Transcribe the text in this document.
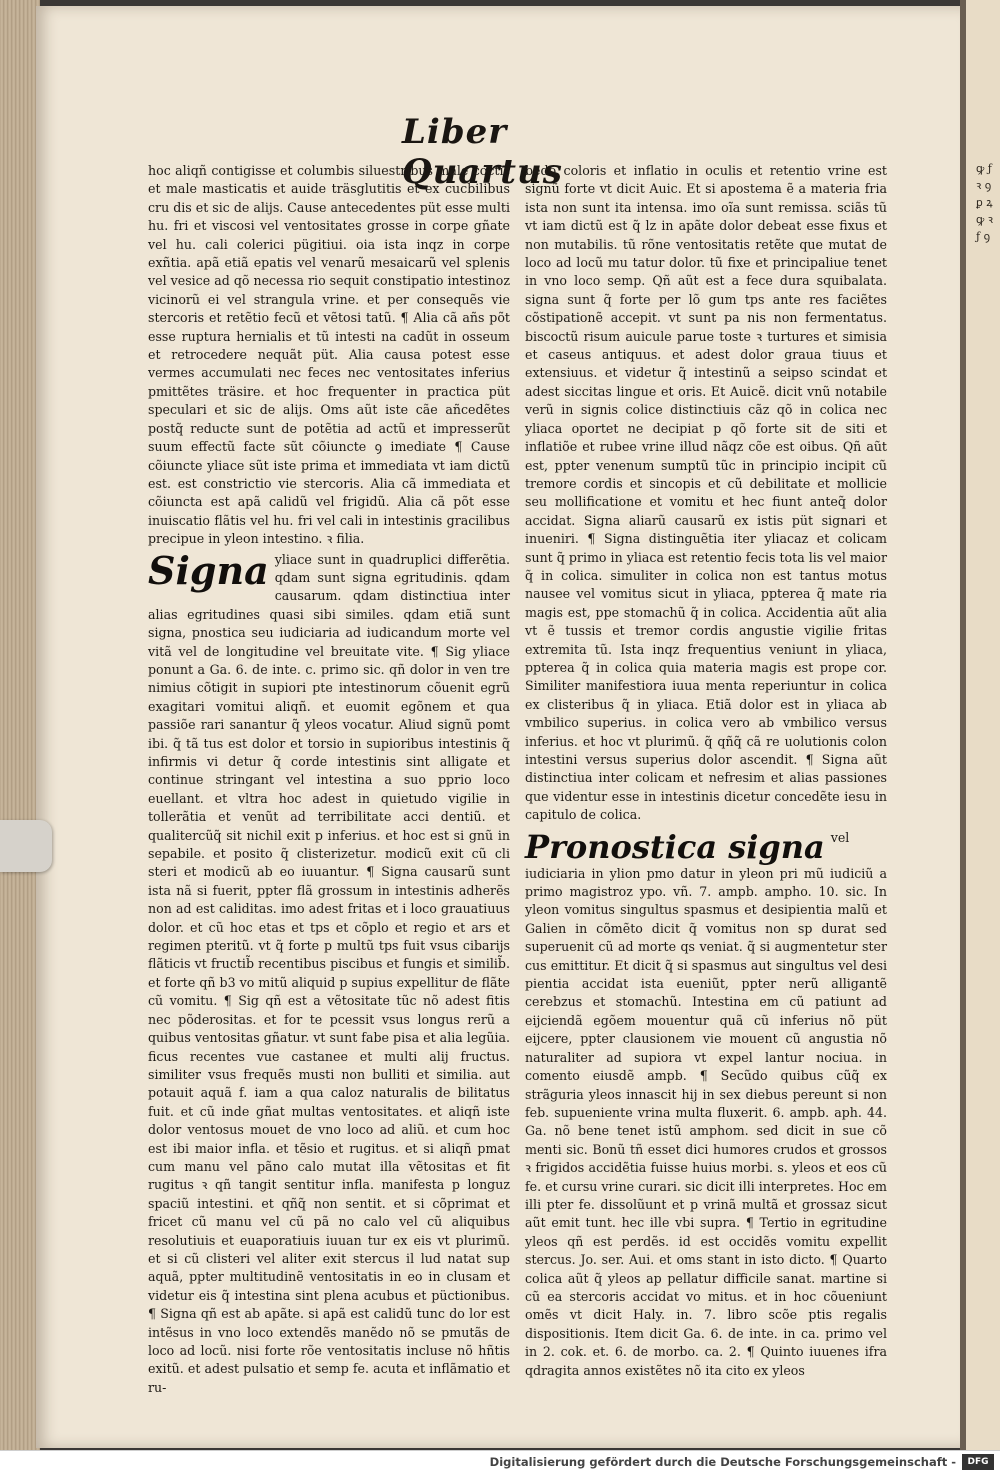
Liber Quartus

hoc aliqñ contigisse et columbis siluestribus male coctis et male masticatis et auide träsglutitis et ex cucbilibus cru dis et sic de alijs. Cause antecedentes püt esse multi hu. fri et viscosi vel ventositates grosse in corpe gñate vel hu. cali colerici pügitiui. oia ista inqz in corpe exñtia. apã etiã epatis vel venarũ mesaicarũ vel splenis vel vesice ad qõ necessa rio sequit constipatio intestinoz vicinorũ ei vel strangula vrine. et per consequẽs vie stercoris et retẽtio fecũ et vẽtosi tatũ. ¶ Alia cã añs põt esse ruptura hernialis et tũ intesti na cadũt in osseum et retrocedere nequãt püt. Alia causa potest esse vermes accumulati nec feces nec ventositates inferius pmittẽtes träsire. et hoc frequenter in practica püt speculari et sic de alijs. Oms aũt iste cãe añcedẽtes postq̃ reducte sunt de potẽtia ad actũ et impresserũt suum effectũ facte sũt cõiuncte ꝯ imediate ¶ Cause cõiuncte yliace sũt iste prima et immediata vt iam dictũ est. est constrictio vie stercoris. Alia cã immediata et cõiuncta est apã calidũ vel frigidũ. Alia cã põt esse inuiscatio flãtis vel hu. fri vel cali in intestinis gracilibus precipue in yleon intestino. ꝛ filia.

Signa yliace sunt in quadruplici differẽtia. qdam sunt signa egritudinis. qdam causarum. qdam distinctiua inter alias egritudines quasi sibi similes. qdam etiã sunt signa, pnostica seu iudiciaria ad iudicandum morte vel vitã vel de longitudine vel breuitate vite. ¶ Sig yliace ponunt a Ga. 6. de inte. c. primo sic. qñ dolor in ven tre nimius cõtigit in supiori pte intestinorum cõuenit egrũ exagitari vomitui aliqñ. et euomit egõnem et qua passiõe rari sanantur q̃ yleos vocatur. Aliud signũ pomt ibi. q̃ tã tus est dolor et torsio in supioribus intestinis q̃ infirmis vi detur q̃ corde intestinis sint alligate et continue stringant vel intestina a suo pprio loco euellant. et vltra hoc adest in quietudo vigilie in tollerãtia et venũt ad terribilitate acci dentiũ. et qualitercũq̃ sit nichil exit p inferius. et hoc est si gnũ in sepabile. et posito q̃ clisterizetur. modicũ exit cũ cli steri et modicũ ab eo iuuantur. ¶ Signa causarũ sunt ista nã si fuerit, ppter flã grossum in intestinis adherẽs non ad est caliditas. imo adest fritas et i loco grauatiuus dolor. et cũ hoc etas et tps et cõplo et regio et ars et regimen pteritũ. vt q̃ forte p multũ tps fuit vsus cibarijs flãticis vt fructib̃ recentibus piscibus et fungis et similib̃. et forte qñ b3 vo mitũ aliquid p supius expellitur de flãte cũ vomitu. ¶ Sig qñ est a vẽtositate tũc nõ adest fitis nec põderositas. et for te pcessit vsus longus rerũ a quibus ventositas gñatur. vt sunt fabe pisa et alia legũia. ficus recentes vue castanee et multi alij fructus. similiter vsus frequẽs musti non bulliti et similia. aut potauit aquã f. iam a qua caloz naturalis de bilitatus fuit. et cũ inde gñat multas ventositates. et aliqñ iste dolor ventosus mouet de vno loco ad aliũ. et cum hoc est ibi maior infla. et tẽsio et rugitus. et si aliqñ pmat cum manu vel pãno calo mutat illa vẽtositas et fit rugitus ꝛ qñ tangit sentitur infla. manifesta p longuz spaciũ intestini. et qñq̃ non sentit. et si cõprimat et fricet cũ manu vel cũ pã no calo vel cũ aliquibus resolutiuis et euaporatiuis iuuan tur ex eis vt plurimũ. et si cũ clisteri vel aliter exit stercus il lud natat sup aquã, ppter multitudinẽ ventositatis in eo in clusam et videtur eis q̃ intestina sint plena acubus et püctionibus. ¶ Signa qñ est ab apãte. si apã est calidũ tunc do lor est intẽsus in vno loco extendẽs manẽdo nõ se pmutãs de loco ad locũ. nisi forte rõe ventositatis incluse nõ hñtis exitũ. et adest pulsatio et semp fe. acuta et inflãmatio et ru-

bedo coloris et inflatio in oculis et retentio vrine est signũ forte vt dicit Auic. Et si apostema ẽ a materia fria ista non sunt ita intensa. imo oĩa sunt remissa. sciãs tũ vt iam dictũ est q̃ lz in apãte dolor debeat esse fixus et non mutabilis. tũ rõne ventositatis retẽte que mutat de loco ad locũ mu tatur dolor. tũ fixe et principaliue tenet in vno loco semp. Qñ aũt est a fece dura squibalata. signa sunt q̃ forte per lõ gum tps ante res faciẽtes cõstipationẽ accepit. vt sunt pa nis non fermentatus. biscoctũ risum auicule parue toste ꝛ turtures et simisia et caseus antiquus. et adest dolor graua tiuus et extensiuus. et videtur q̃ intestinũ a seipso scindat et adest siccitas lingue et oris. Et Auicẽ. dicit vnũ notabile verũ in signis colice distinctiuis cãz qõ in colica nec yliaca oportet ne decipiat p qõ forte sit de siti et inflatiõe et rubee vrine illud nãqz cõe est oibus. Qñ aũt est, ppter venenum sumptũ tũc in principio incipit cũ tremore cordis et sincopis et cũ debilitate et mollicie seu mollificatione et vomitu et hec fiunt anteq̃ dolor accidat. Signa aliarũ causarũ ex istis püt signari et inueniri. ¶ Signa distinguẽtia iter yliacaz et colicam sunt q̃ primo in yliaca est retentio fecis tota lis vel maior q̃ in colica. simuliter in colica non est tantus motus nausee vel vomitus sicut in yliaca, ppterea q̃ mate ria magis est, ppe stomachũ q̃ in colica. Accidentia aũt alia vt ẽ tussis et tremor cordis angustie vigilie fritas extremita tũ. Ista inqz frequentius veniunt in yliaca, ppterea q̃ in colica quia materia magis est prope cor. Similiter manifestiora iuua menta reperiuntur in colica ex clisteribus q̃ in yliaca. Etiã dolor est in yliaca ab vmbilico superius. in colica vero ab vmbilico versus inferius. et hoc vt plurimũ. q̃ qñq̃ cã re uolutionis colon intestini versus superius dolor ascendit. ¶ Signa aũt distinctiua inter colicam et nefresim et alias passiones que videntur esse in intestinis dicetur concedẽte iesu in capitulo de colica.

Pronostica signa vel iudiciaria in ylion pmo datur in yleon pri mũ iudiciũ a primo magistroz ypo. vñ. 7. ampb. ampho. 10. sic. In yleon vomitus singultus spasmus et desipientia malũ et Galien in cõmẽto dicit q̃ vomitus non sp durat sed superuenit cũ ad morte qs veniat. q̃ si augmentetur ster cus emittitur. Et dicit q̃ si spasmus aut singultus vel desi pientia accidat ista eueniũt, ppter nerũ alligantẽ cerebzus et stomachũ. Intestina em cũ patiunt ad eijciendã egõem mouentur quã cũ inferius nõ püt eijcere, ppter clausionem vie mouent cũ angustia nõ naturaliter ad supiora vt expel lantur nociua. in comento eiusdẽ ampb. ¶ Secũdo quibus cũq̃ ex strãguria yleos innascit hij in sex diebus pereunt si non feb. supueniente vrina multa fluxerit. 6. ampb. aph. 44. Ga. nõ bene tenet istũ amphom. sed dicit in sue cõ menti sic. Bonũ tñ esset dici humores crudos et grossos ꝛ frigidos accidẽtia fuisse huius morbi. s. yleos et eos cũ fe. et cursu vrine curari. sic dicit illi interpretes. Hoc em illi pter fe. dissolũunt et p vrinã multã et grossaz sicut aũt emit tunt. hec ille vbi supra. ¶ Tertio in egritudine yleos qñ est perdẽs. id est occidẽs vomitu expellit stercus. Jo. ser. Aui. et oms stant in isto dicto. ¶ Quarto colica aũt q̃ yleos ap pellatur difficile sanat. martine si cũ ea stercoris accidat vo mitus. et in hoc cõueniunt omẽs vt dicit Haly. in. 7. libro scõe ptis regalis dispositionis. Item dicit Ga. 6. de inte. in ca. primo vel in 2. cok. et. 6. de morbo. ca. 2. ¶ Quinto iuuenes ifra qdragita annos existẽtes nõ ita cito ex yleos

ꝙ ƒ ꝛ ꝯ ꝑ ꝝ ꝙ ꝛ ƒ ꝯ
Digitalisierung gefördert durch die Deutsche Forschungsgemeinschaft -	DFG
